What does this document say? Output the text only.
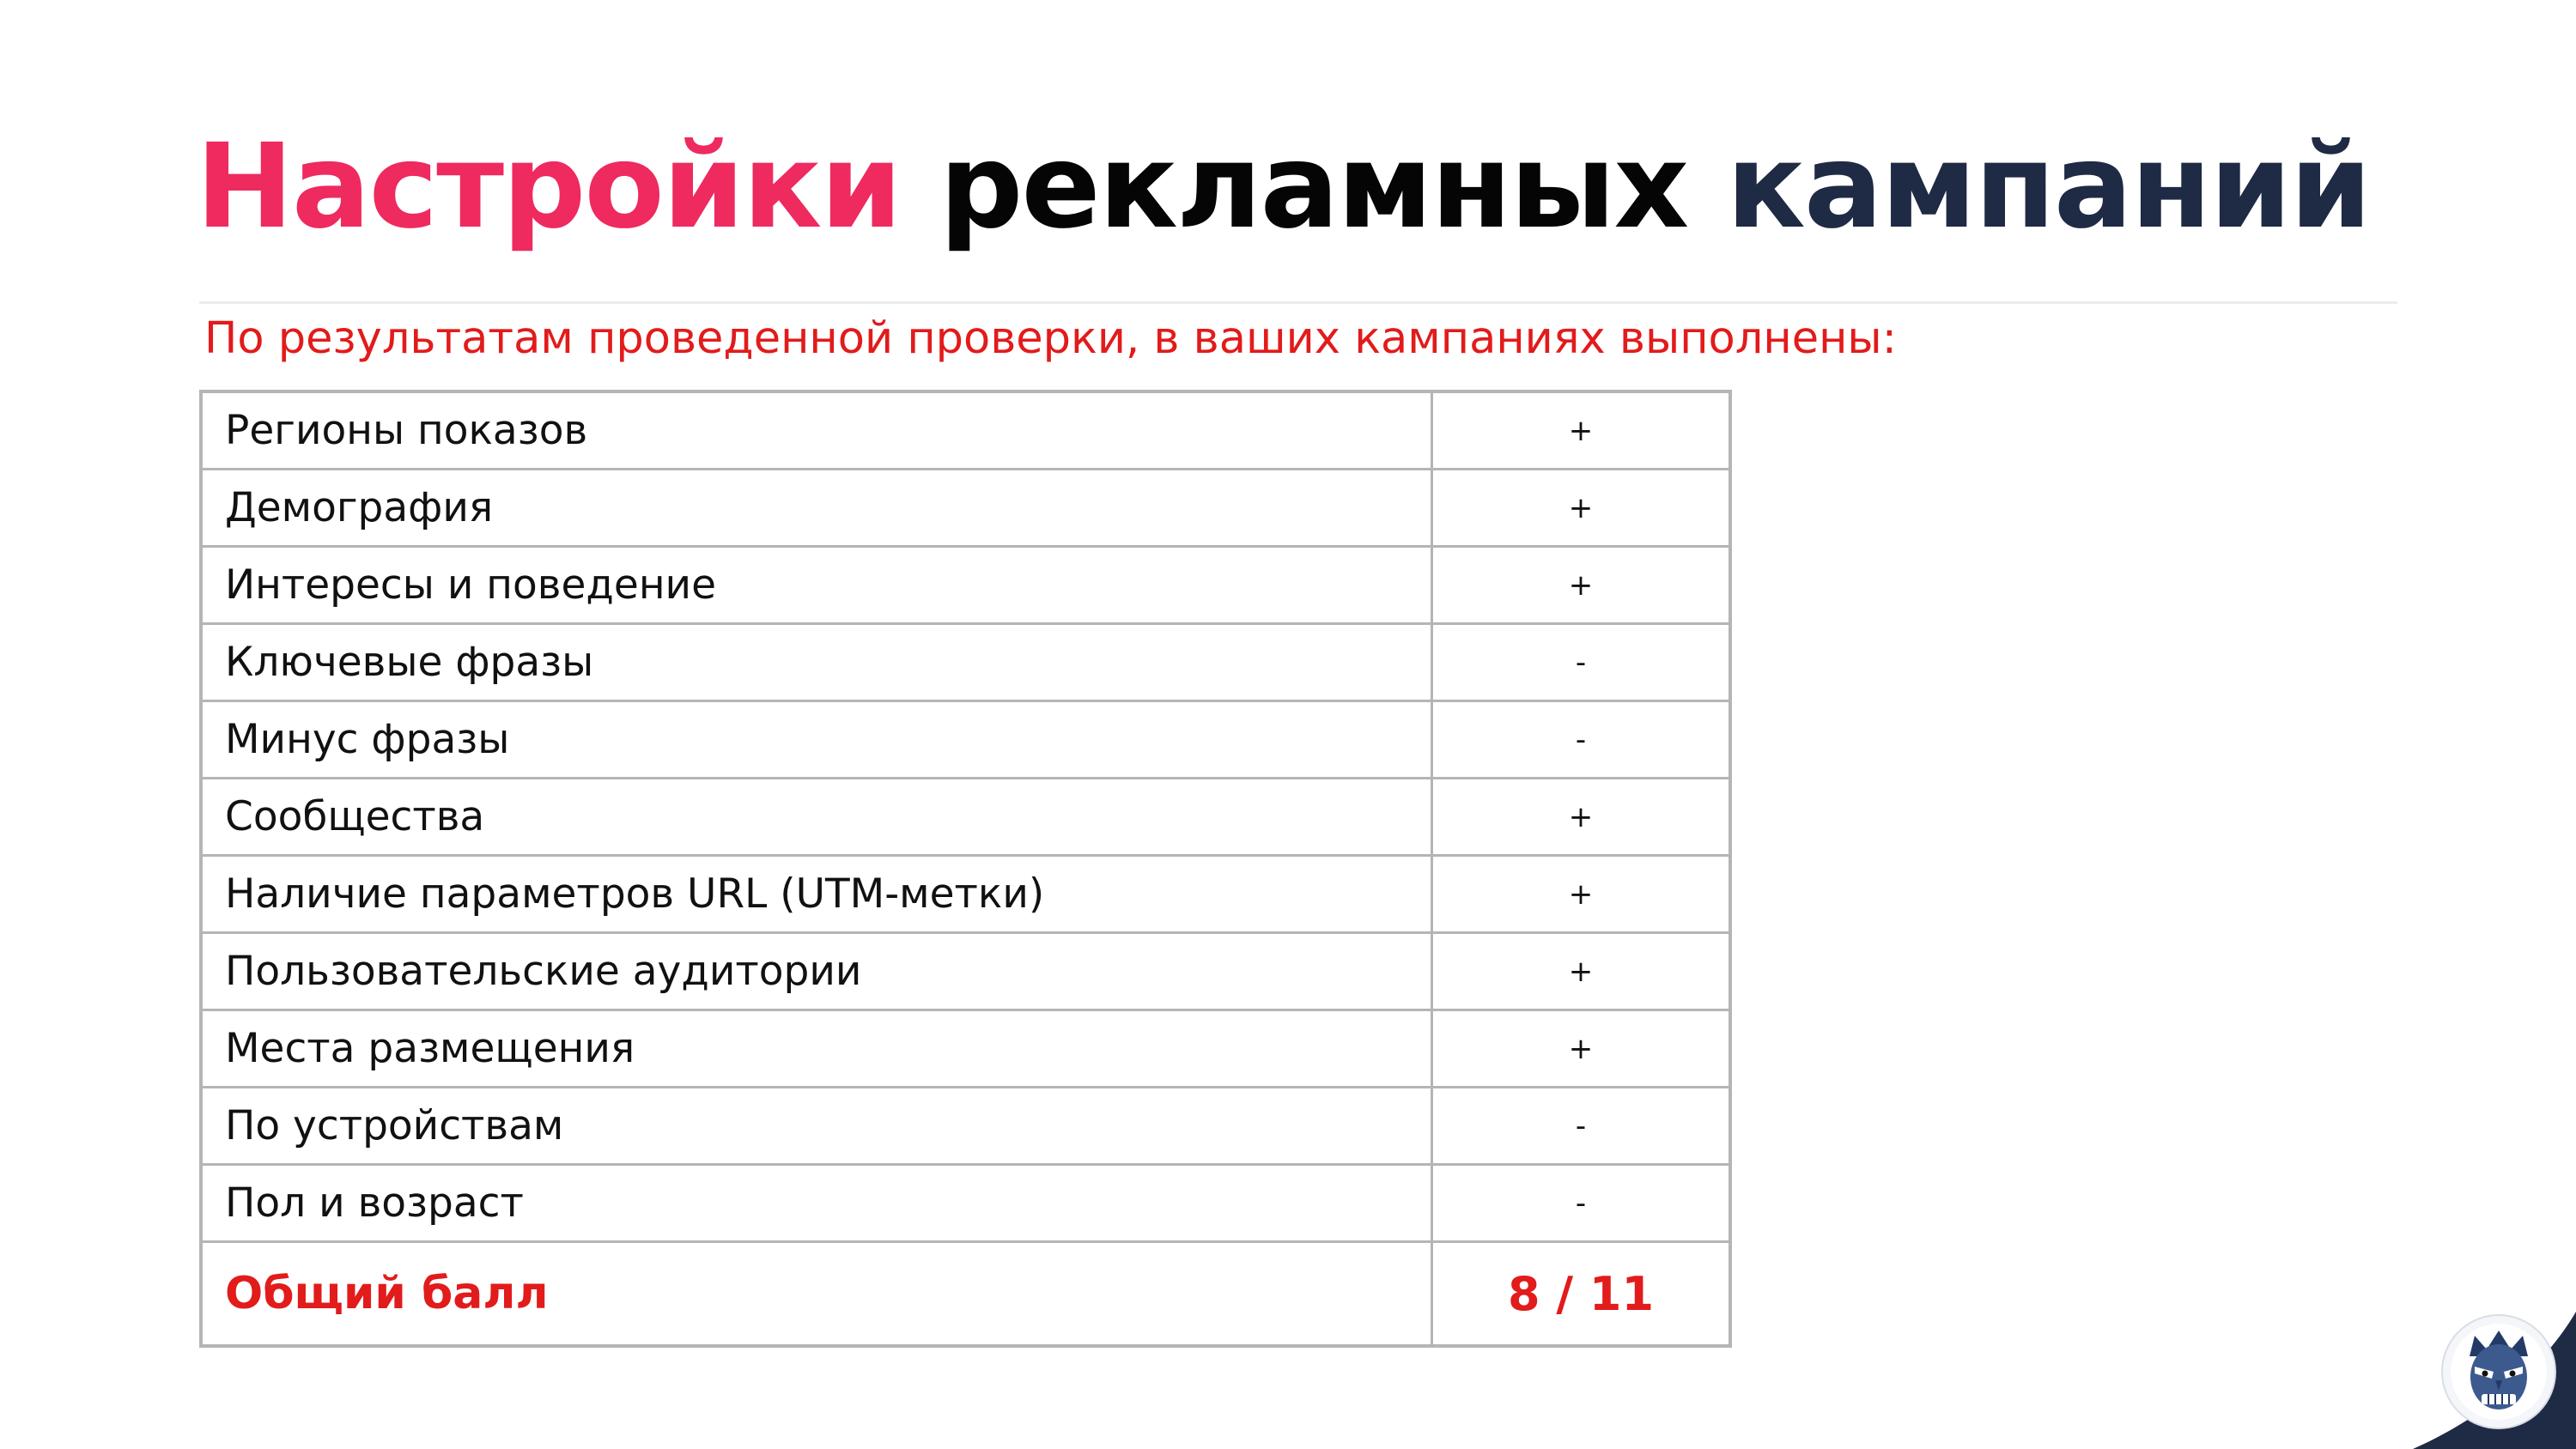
Настройки рекламных кампаний

По результатам проведенной проверки, в ваших кампаниях выполнены:

Регионы показов	+
Демография	+
Интересы и поведение	+
Ключевые фразы	-
Минус фразы	-
Сообщества	+
Наличие параметров URL (UTM-метки)	+
Пользовательские аудитории	+
Места размещения	+
По устройствам	-
Пол и возраст	-
Общий балл	8 / 11
